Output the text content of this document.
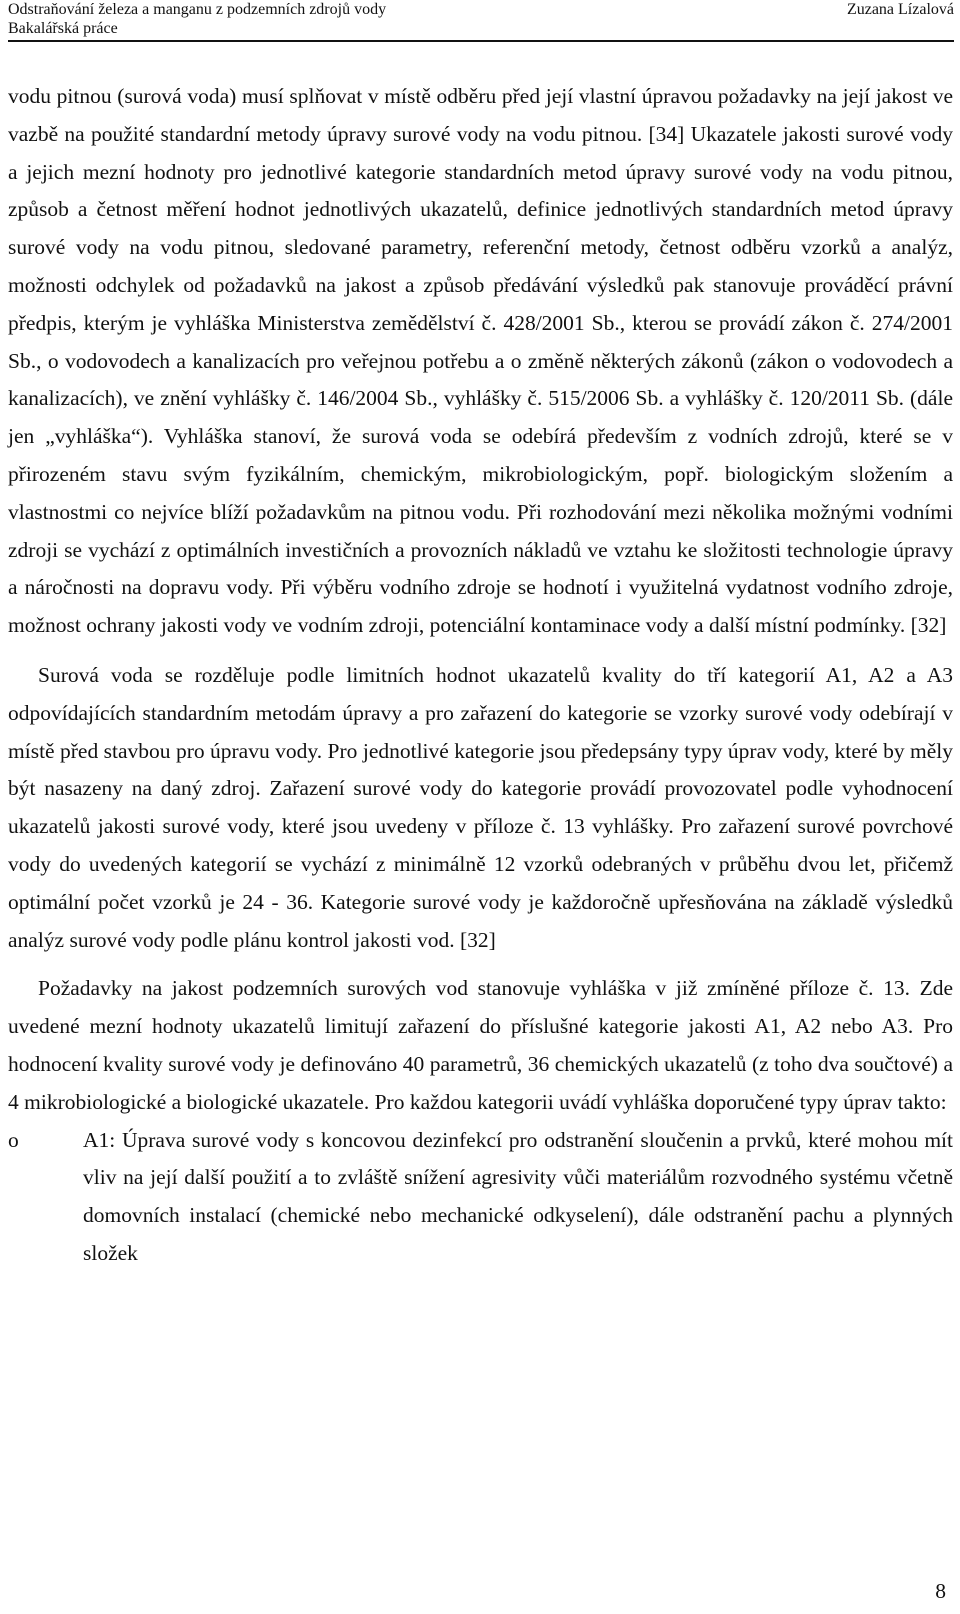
Odstraňování železa a manganu z podzemních zdrojů vody
Bakalářská práce
Zuzana Lízalová

vodu pitnou (surová voda) musí splňovat v místě odběru před její vlastní úpravou požadavky na její jakost ve vazbě na použité standardní metody úpravy surové vody na vodu pitnou. [34] Ukazatele jakosti surové vody a jejich mezní hodnoty pro jednotlivé kategorie standardních metod úpravy surové vody na vodu pitnou, způsob a četnost měření hodnot jednotlivých ukazatelů, definice jednotlivých standardních metod úpravy surové vody na vodu pitnou, sledované parametry, referenční metody, četnost odběru vzorků a analýz, možnosti odchylek od požadavků na jakost a způsob předávání výsledků pak stanovuje prováděcí právní předpis, kterým je vyhláška Ministerstva zemědělství č. 428/2001 Sb., kterou se provádí zákon č. 274/2001 Sb., o vodovodech a kanalizacích pro veřejnou potřebu a o změně některých zákonů (zákon o vodovodech a kanalizacích), ve znění vyhlášky č. 146/2004 Sb., vyhlášky č. 515/2006 Sb. a vyhlášky č. 120/2011 Sb. (dále jen „vyhláška“). Vyhláška stanoví, že surová voda se odebírá především z vodních zdrojů, které se v přirozeném stavu svým fyzikálním, chemickým, mikrobiologickým, popř. biologickým složením a vlastnostmi co nejvíce blíží požadavkům na pitnou vodu. Při rozhodování mezi několika možnými vodními zdroji se vychází z optimálních investičních a provozních nákladů ve vztahu ke složitosti technologie úpravy a náročnosti na dopravu vody. Při výběru vodního zdroje se hodnotí i využitelná vydatnost vodního zdroje, možnost ochrany jakosti vody ve vodním zdroji, potenciální kontaminace vody a další místní podmínky. [32]

Surová voda se rozděluje podle limitních hodnot ukazatelů kvality do tří kategorií A1, A2 a A3 odpovídajících standardním metodám úpravy a pro zařazení do kategorie se vzorky surové vody odebírají v místě před stavbou pro úpravu vody. Pro jednotlivé kategorie jsou předepsány typy úprav vody, které by měly být nasazeny na daný zdroj. Zařazení surové vody do kategorie provádí provozovatel podle vyhodnocení ukazatelů jakosti surové vody, které jsou uvedeny v příloze č. 13 vyhlášky. Pro zařazení surové povrchové vody do uvedených kategorií se vychází z minimálně 12 vzorků odebraných v průběhu dvou let, přičemž optimální počet vzorků je 24 - 36. Kategorie surové vody je každoročně upřesňována na základě výsledků analýz surové vody podle plánu kontrol jakosti vod. [32]

Požadavky na jakost podzemních surových vod stanovuje vyhláška v již zmíněné příloze č. 13. Zde uvedené mezní hodnoty ukazatelů limitují zařazení do příslušné kategorie jakosti A1, A2 nebo A3. Pro hodnocení kvality surové vody je definováno 40 parametrů, 36 chemických ukazatelů (z toho dva součtové) a 4 mikrobiologické a biologické ukazatele. Pro každou kategorii uvádí vyhláška doporučené typy úprav takto:

o	A1: Úprava surové vody s koncovou dezinfekcí pro odstranění sloučenin a prvků, které mohou mít vliv na její další použití a to zvláště snížení agresivity vůči materiálům rozvodného systému včetně domovních instalací (chemické nebo mechanické odkyselení), dále odstranění pachu a plynných složek
8
